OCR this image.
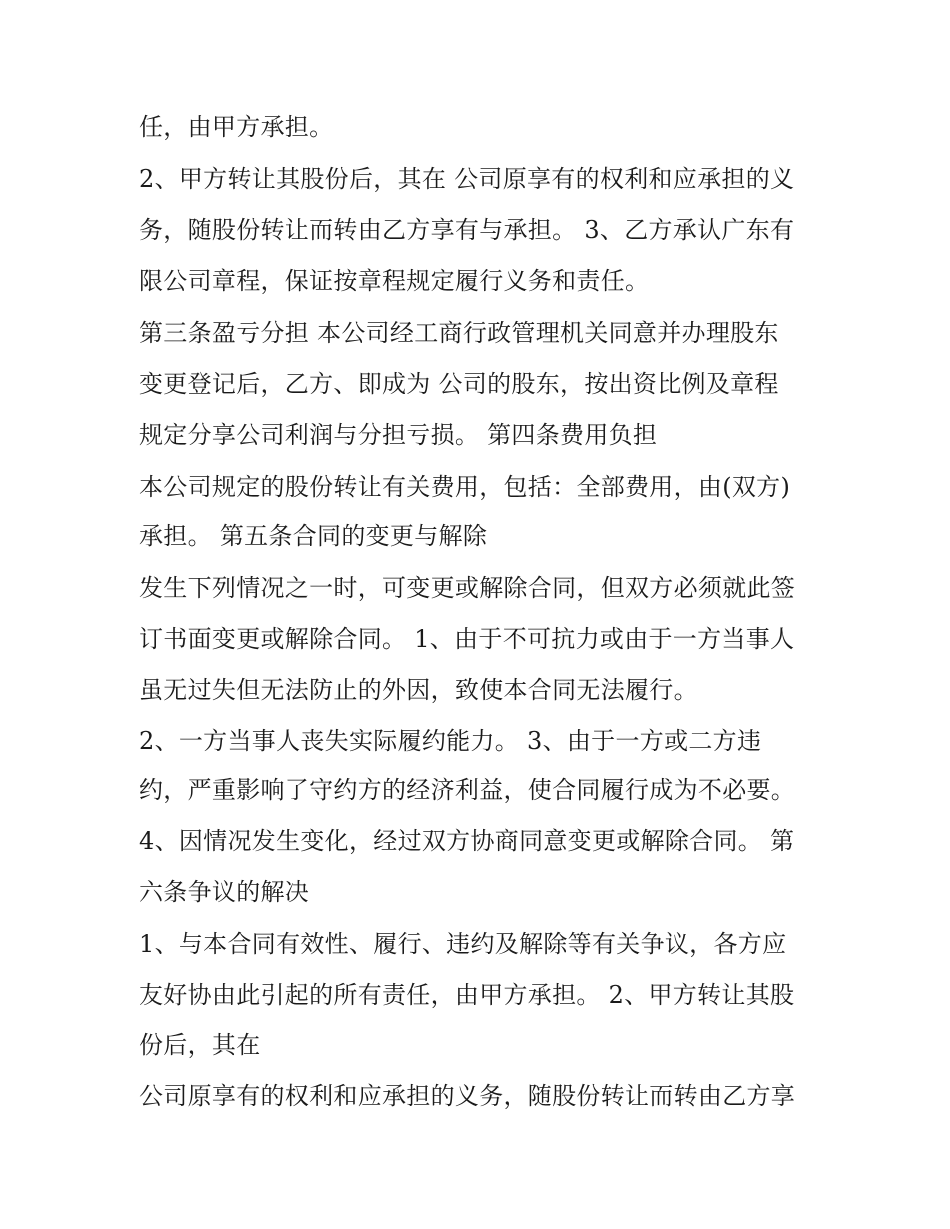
任，由甲方承担。
2、甲方转让其股份后，其在 公司原享有的权利和应承担的义
务，随股份转让而转由乙方享有与承担。 3、乙方承认广东有
限公司章程，保证按章程规定履行义务和责任。
第三条盈亏分担 本公司经工商行政管理机关同意并办理股东
变更登记后，乙方、即成为 公司的股东，按出资比例及章程
规定分享公司利润与分担亏损。 第四条费用负担
本公司规定的股份转让有关费用，包括：全部费用，由(双方)
承担。 第五条合同的变更与解除
发生下列情况之一时，可变更或解除合同，但双方必须就此签
订书面变更或解除合同。 1、由于不可抗力或由于一方当事人
虽无过失但无法防止的外因，致使本合同无法履行。
2、一方当事人丧失实际履约能力。 3、由于一方或二方违
约，严重影响了守约方的经济利益，使合同履行成为不必要。
4、因情况发生变化，经过双方协商同意变更或解除合同。 第
六条争议的解决
1、与本合同有效性、履行、违约及解除等有关争议，各方应
友好协由此引起的所有责任，由甲方承担。 2、甲方转让其股
份后，其在
公司原享有的权利和应承担的义务，随股份转让而转由乙方享
